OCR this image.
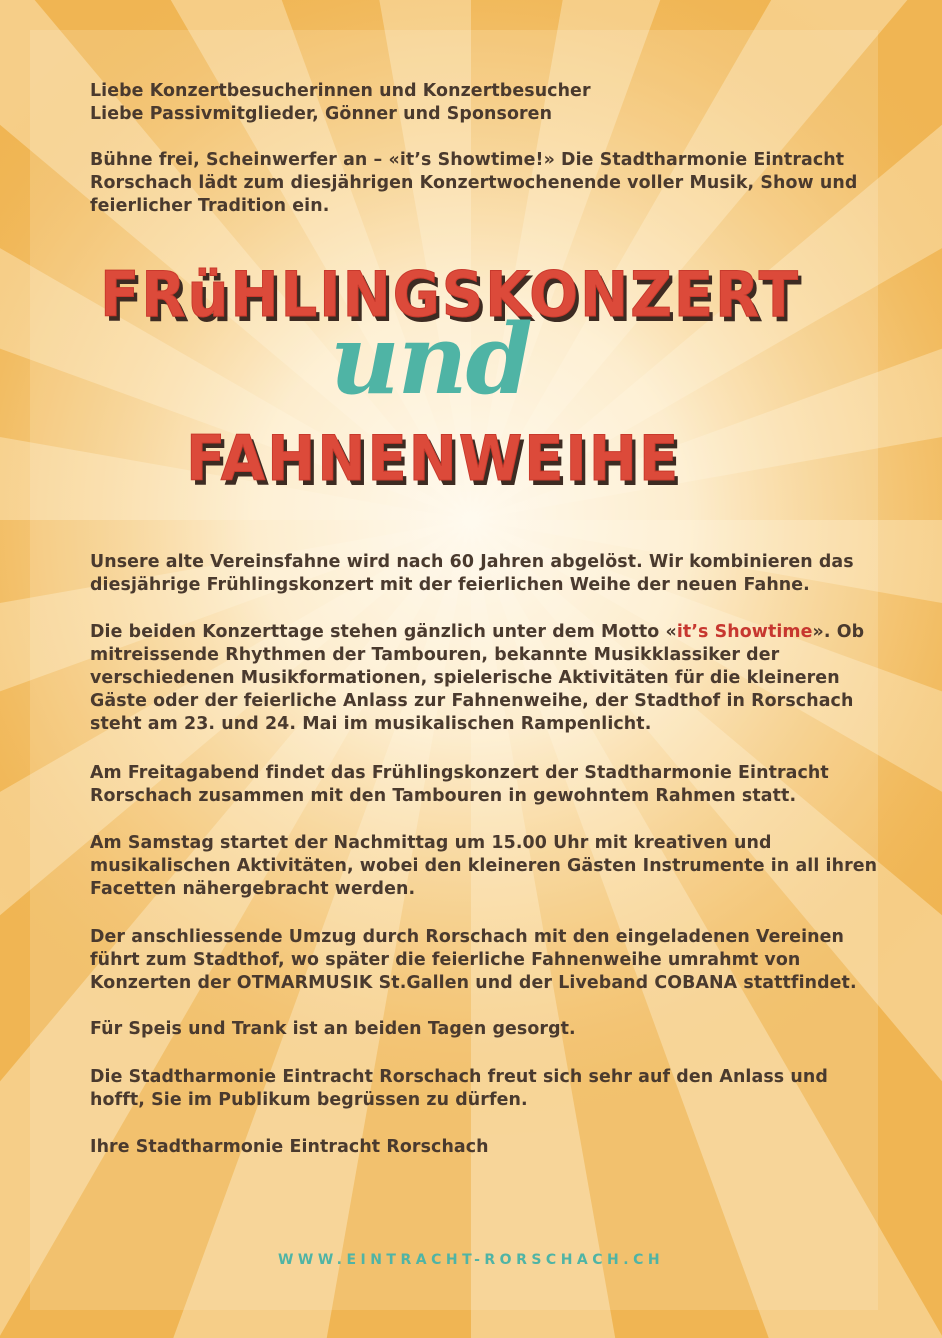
Liebe Konzertbesucherinnen und Konzertbesucher

Liebe Passivmitglieder, Gönner und Sponsoren

Bühne frei, Scheinwerfer an – «it’s Showtime!» Die Stadtharmonie Eintracht Rorschach lädt zum diesjährigen Konzertwochenende voller Musik, Show und feierlicher Tradition ein.

FRüHLINGSKONZERT
und
FAHNENWEIHE

Unsere alte Vereinsfahne wird nach 60 Jahren abgelöst. Wir kombinieren das diesjährige Frühlingskonzert mit der feierlichen Weihe der neuen Fahne.

Die beiden Konzerttage stehen gänzlich unter dem Motto «it’s Showtime». Ob mitreissende Rhythmen der Tambouren, bekannte Musikklassiker der verschiedenen Musikformationen, spielerische Aktivitäten für die kleineren Gäste oder der feierliche Anlass zur Fahnenweihe, der Stadthof in Rorschach steht am 23. und 24. Mai im musikalischen Rampenlicht.

Am Freitagabend findet das Frühlingskonzert der Stadtharmonie Eintracht Rorschach zusammen mit den Tambouren in gewohntem Rahmen statt.

Am Samstag startet der Nachmittag um 15.00 Uhr mit kreativen und musikalischen Aktivitäten, wobei den kleineren Gästen Instrumente in all ihren Facetten nähergebracht werden.

Der anschliessende Umzug durch Rorschach mit den eingeladenen Vereinen führt zum Stadthof, wo später die feierliche Fahnenweihe umrahmt von Konzerten der OTMARMUSIK St.Gallen und der Liveband COBANA stattfindet.

Für Speis und Trank ist an beiden Tagen gesorgt.

Die Stadtharmonie Eintracht Rorschach freut sich sehr auf den Anlass und hofft, Sie im Publikum begrüssen zu dürfen.

Ihre Stadtharmonie Eintracht Rorschach

WWW.EINTRACHT-RORSCHACH.CH
